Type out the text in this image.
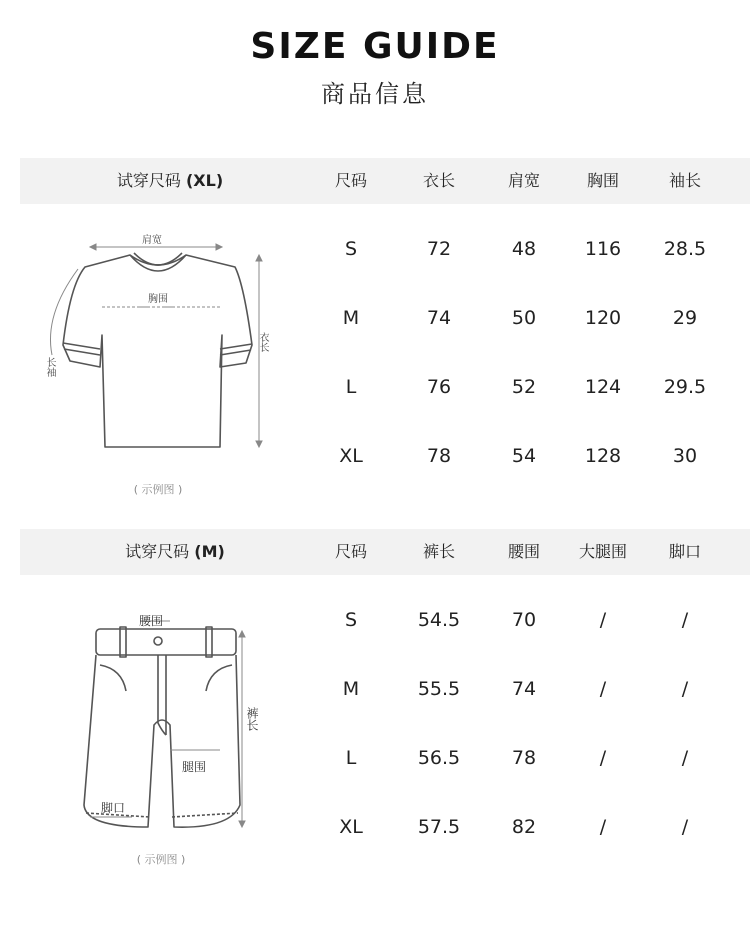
SIZE GUIDE
商品信息
试穿尺码 (XL)	尺码	衣长	肩宽	胸围	袖长
S	72	48	116	28.5
M	74	50	120	29
L	76	52	124	29.5
XL	78	54	128	30
肩宽
胸围
衣长
长袖
( 示例图 )
试穿尺码 (M)	尺码	裤长	腰围	大腿围	脚口
S	54.5	70	/	/
M	55.5	74	/	/
L	56.5	78	/	/
XL	57.5	82	/	/
腰围
裤长
腿围
脚口
( 示例图 )
